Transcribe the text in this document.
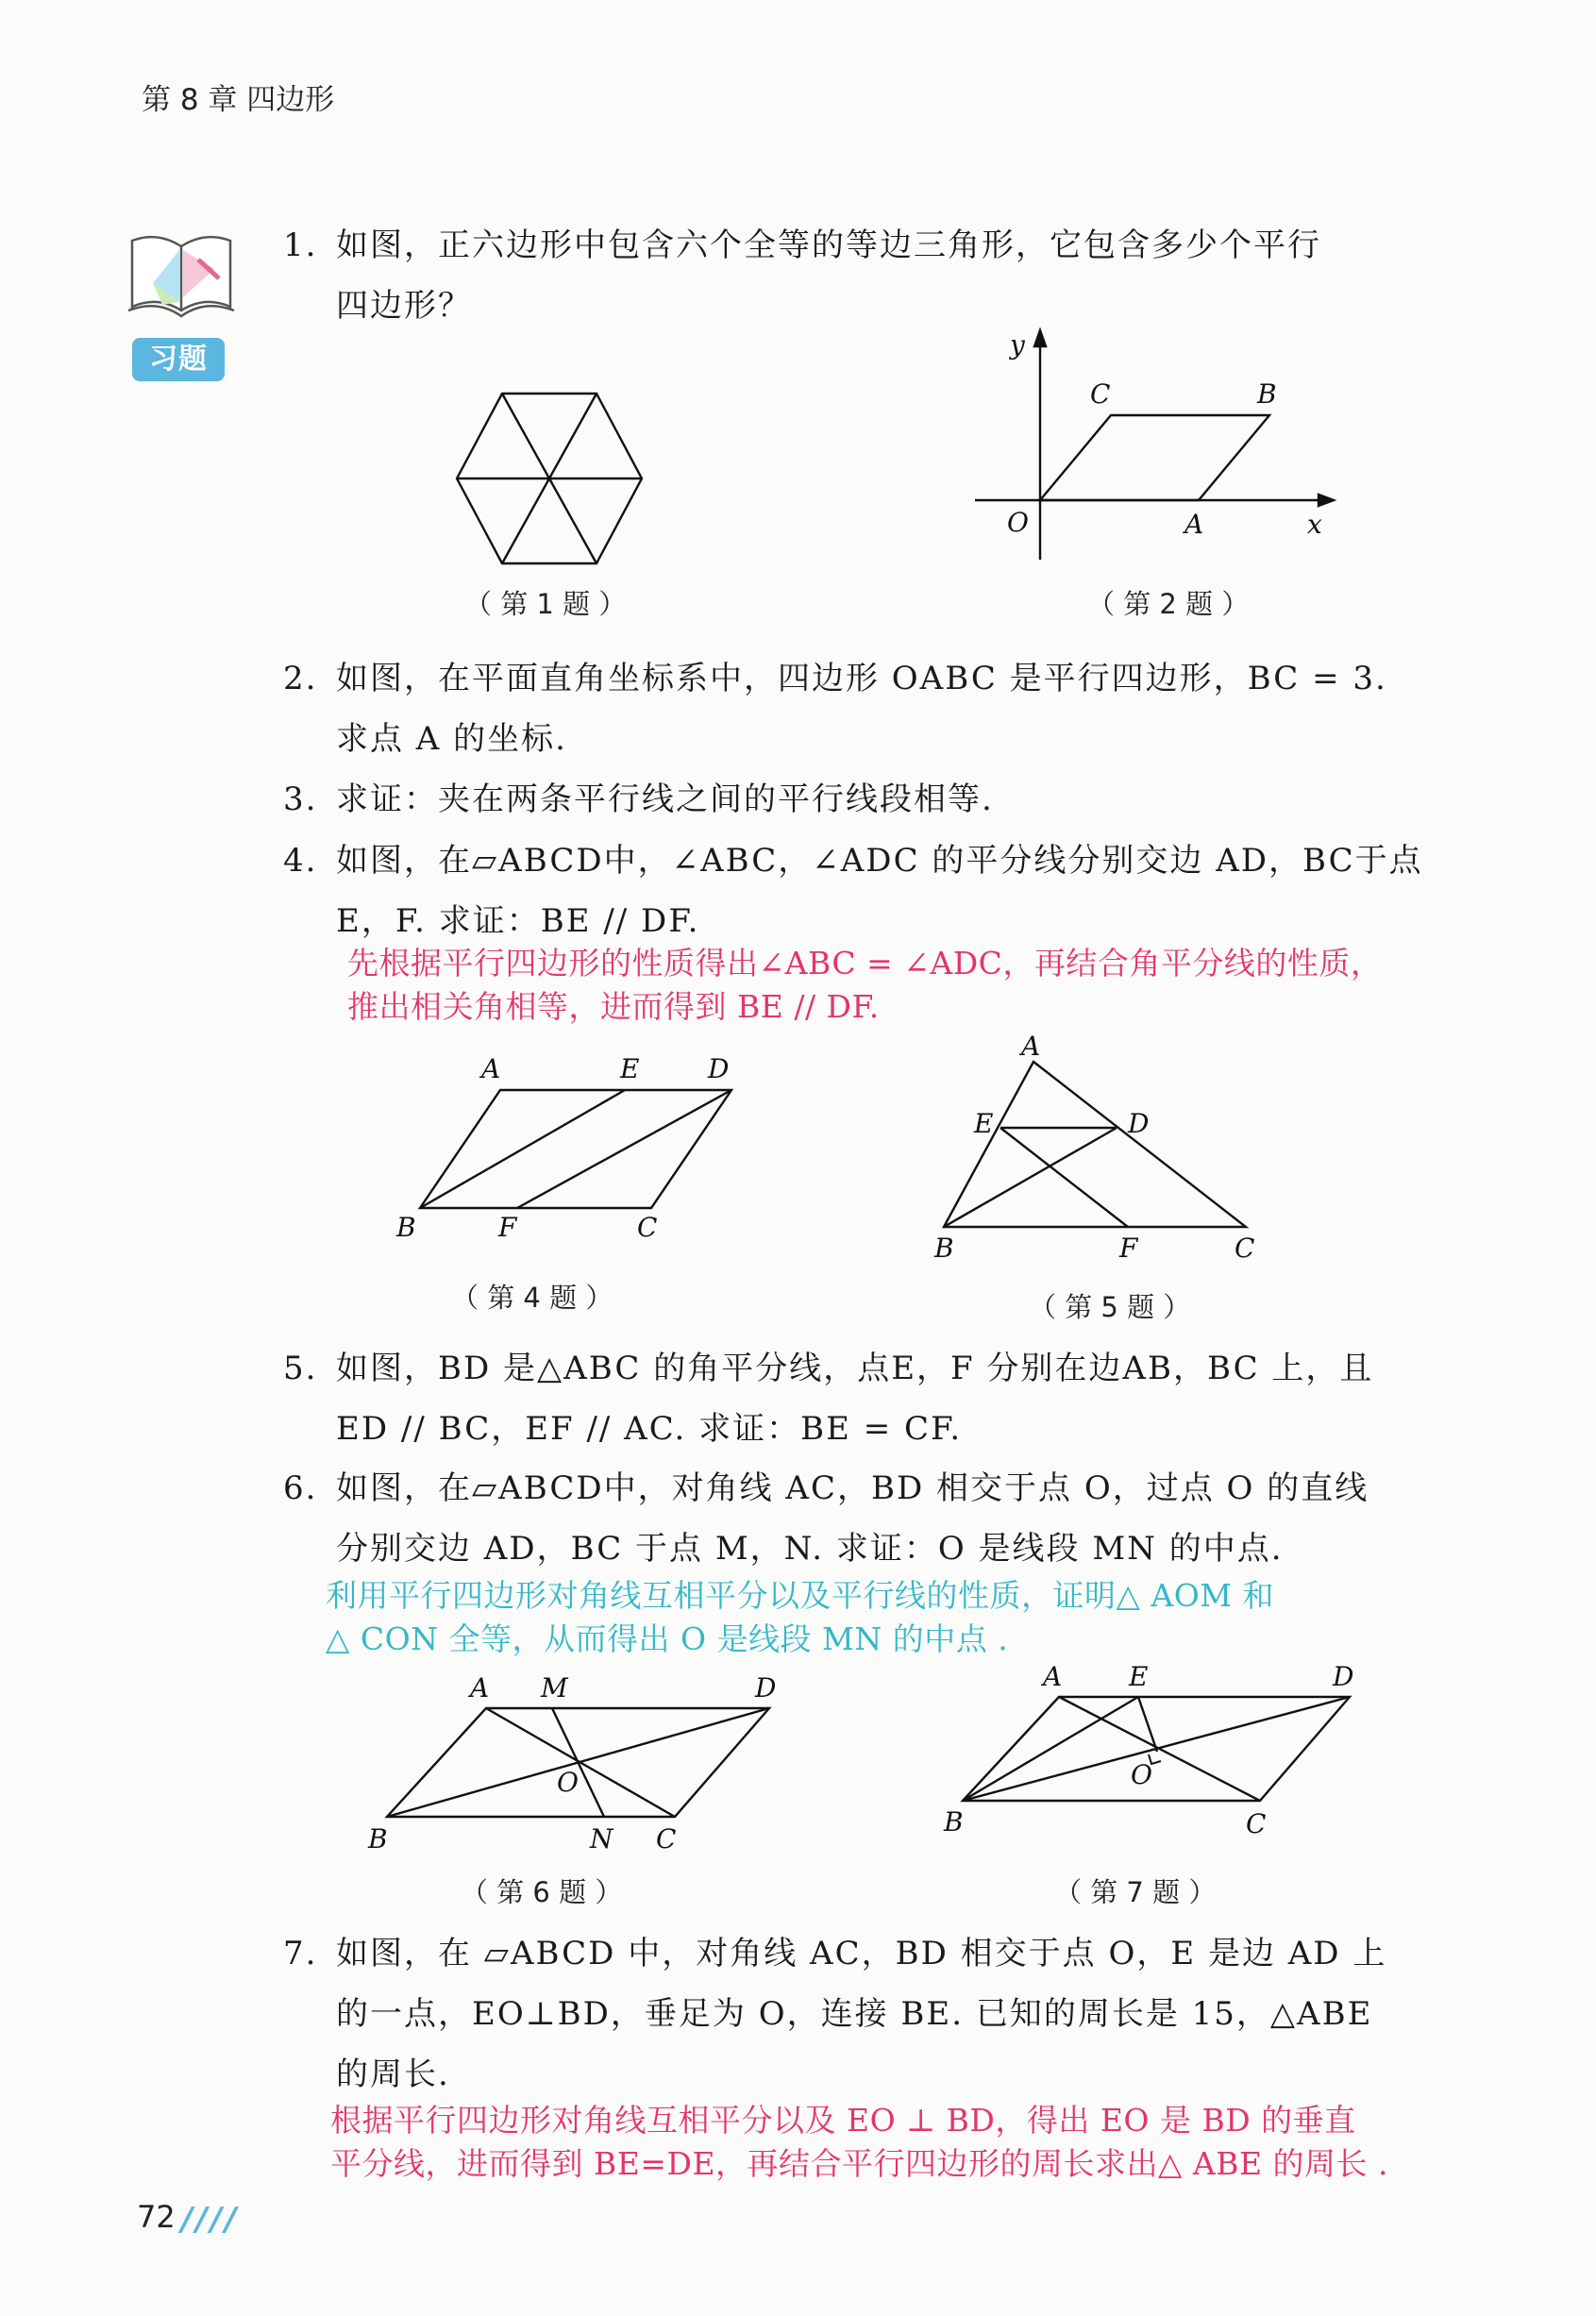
第 8 章 四边形
习题
1. 如图，正六边形中包含六个全等的等边三角形，它包含多少个平行
四边形？
（ 第 1 题 ）
y
x
O	A
B
C
（ 第 2 题 ）
2. 如图，在平面直角坐标系中，四边形 OABC 是平行四边形，BC = 3.
求点 A 的坐标.
3. 求证：夹在两条平行线之间的平行线段相等.
4. 如图，在▱ABCD中，∠ABC，∠ADC 的平分线分别交边 AD，BC于点
E，F. 求证：BE // DF.
先根据平行四边形的性质得出∠ABC = ∠ADC，再结合角平分线的性质，
推出相关角相等，进而得到 BE // DF.
A	E	D
B	F	C
（ 第 4 题 ）
A
E	D
B	F	C
（ 第 5 题 ）
5. 如图，BD 是△ABC 的角平分线，点E，F 分别在边AB，BC 上，且
ED // BC，EF // AC. 求证：BE = CF.
6. 如图，在▱ABCD中，对角线 AC，BD 相交于点 O，过点 O 的直线
分别交边 AD，BC 于点 M，N. 求证：O 是线段 MN 的中点.
利用平行四边形对角线互相平分以及平行线的性质，证明△ AOM 和
△ CON 全等，从而得出 O 是线段 MN 的中点 .
A M	D
O
B	N C
（ 第 6 题 ）
A	E	D
O
B	C
（ 第 7 题 ）
7. 如图，在 ▱ABCD 中，对角线 AC，BD 相交于点 O，E 是边 AD 上
的一点，EO⊥BD，垂足为 O，连接 BE. 已知的周长是 15，△ABE
的周长.
根据平行四边形对角线互相平分以及 EO ⊥ BD，得出 EO 是 BD 的垂直
平分线，进而得到 BE=DE，再结合平行四边形的周长求出△ ABE 的周长 .
72 ////
